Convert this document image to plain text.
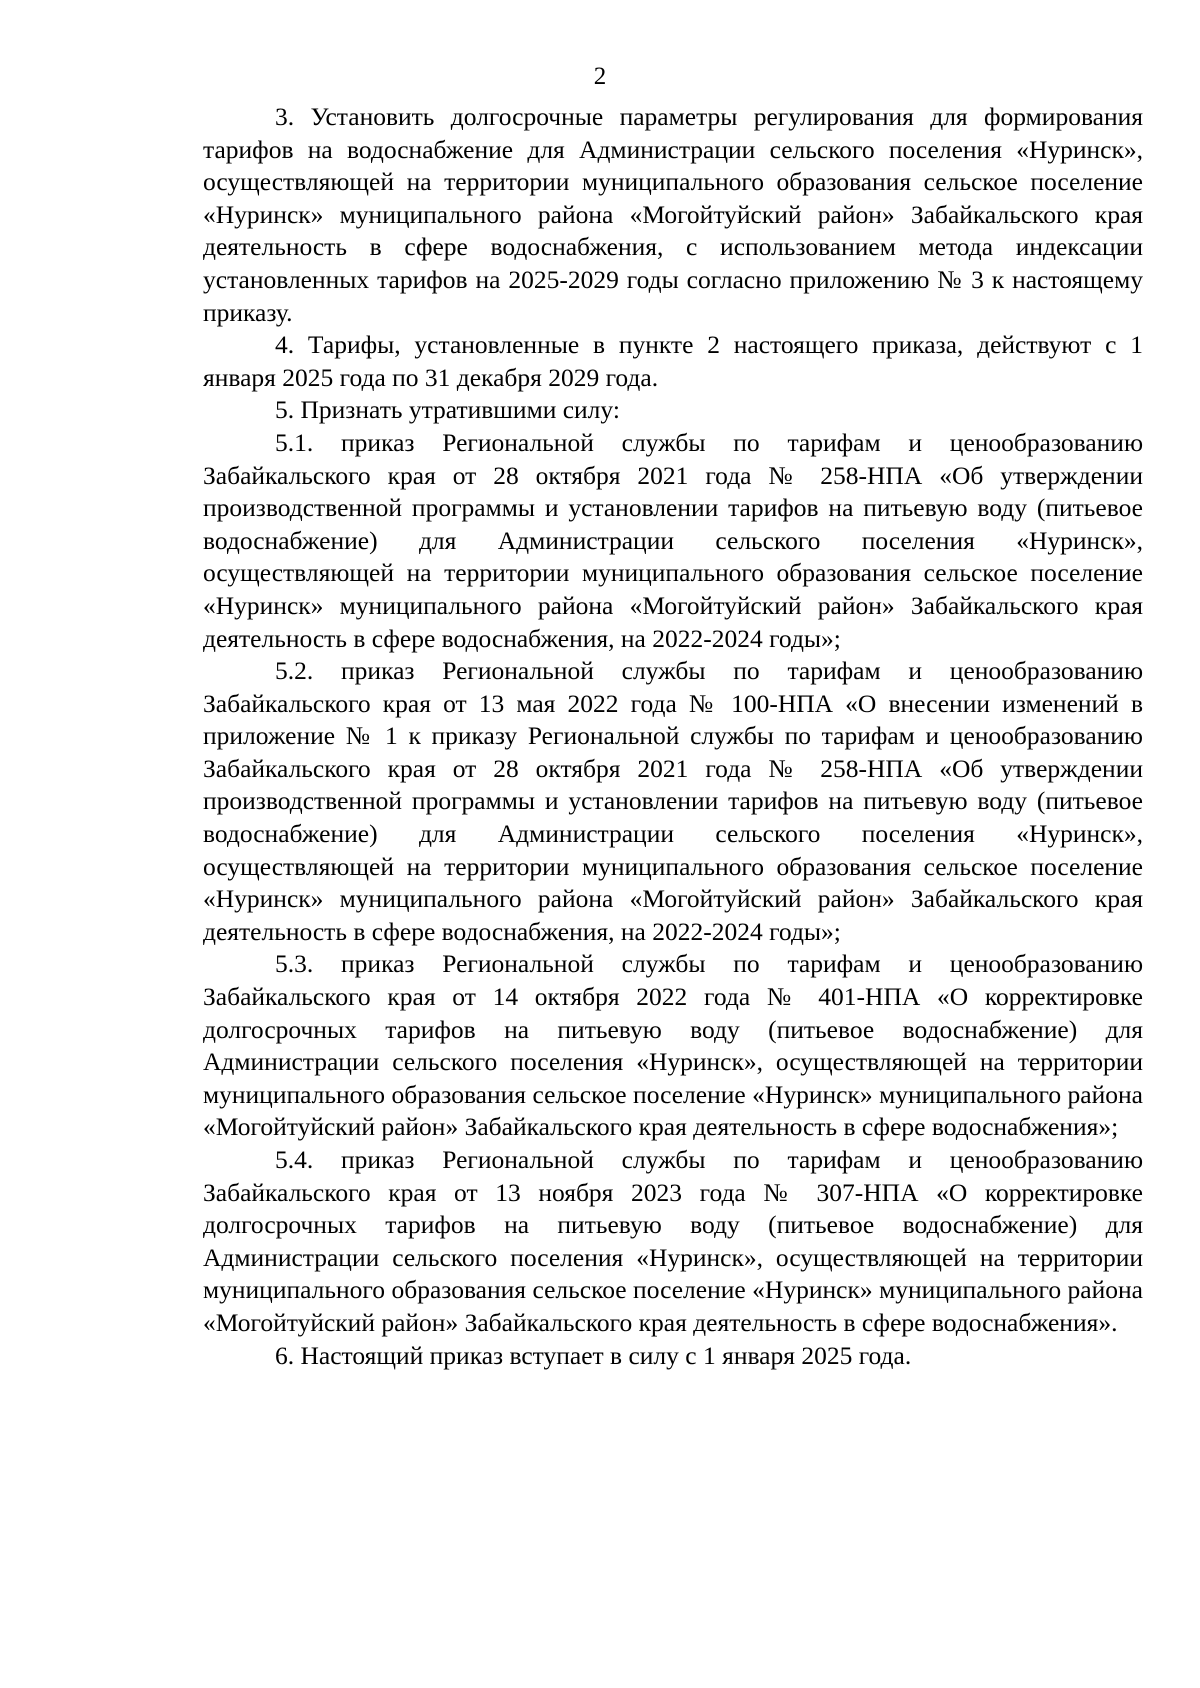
2

3. Установить долгосрочные параметры регулирования для формирования тарифов на водоснабжение для Администрации сельского поселения «Нуринск», осуществляющей на территории муниципального образования сельское поселение «Нуринск» муниципального района «Могойтуйский район» Забайкальского края деятельность в сфере водоснабжения, с использованием метода индексации установленных тарифов на 2025-2029 годы согласно приложению № 3 к настоящему приказу.

4. Тарифы, установленные в пункте 2 настоящего приказа, действуют с 1 января 2025 года по 31 декабря 2029 года.

5. Признать утратившими силу:

5.1. приказ Региональной службы по тарифам и ценообразованию Забайкальского края от 28 октября 2021 года № 258-НПА «Об утверждении производственной программы и установлении тарифов на питьевую воду (питьевое водоснабжение) для Администрации сельского поселения «Нуринск», осуществляющей на территории муниципального образования сельское поселение «Нуринск» муниципального района «Могойтуйский район» Забайкальского края деятельность в сфере водоснабжения, на 2022-2024 годы»;

5.2. приказ Региональной службы по тарифам и ценообразованию Забайкальского края от 13 мая 2022 года № 100-НПА «О внесении изменений в приложение № 1 к приказу Региональной службы по тарифам и ценообразованию Забайкальского края от 28 октября 2021 года № 258-НПА «Об утверждении производственной программы и установлении тарифов на питьевую воду (питьевое водоснабжение) для Администрации сельского поселения «Нуринск», осуществляющей на территории муниципального образования сельское поселение «Нуринск» муниципального района «Могойтуйский район» Забайкальского края деятельность в сфере водоснабжения, на 2022-2024 годы»;

5.3. приказ Региональной службы по тарифам и ценообразованию Забайкальского края от 14 октября 2022 года № 401-НПА «О корректировке долгосрочных тарифов на питьевую воду (питьевое водоснабжение) для Администрации сельского поселения «Нуринск», осуществляющей на территории муниципального образования сельское поселение «Нуринск» муниципального района «Могойтуйский район» Забайкальского края деятельность в сфере водоснабжения»;

5.4. приказ Региональной службы по тарифам и ценообразованию Забайкальского края от 13 ноября 2023 года № 307-НПА «О корректировке долгосрочных тарифов на питьевую воду (питьевое водоснабжение) для Администрации сельского поселения «Нуринск», осуществляющей на территории муниципального образования сельское поселение «Нуринск» муниципального района «Могойтуйский район» Забайкальского края деятельность в сфере водоснабжения».

6. Настоящий приказ вступает в силу с 1 января 2025 года.
